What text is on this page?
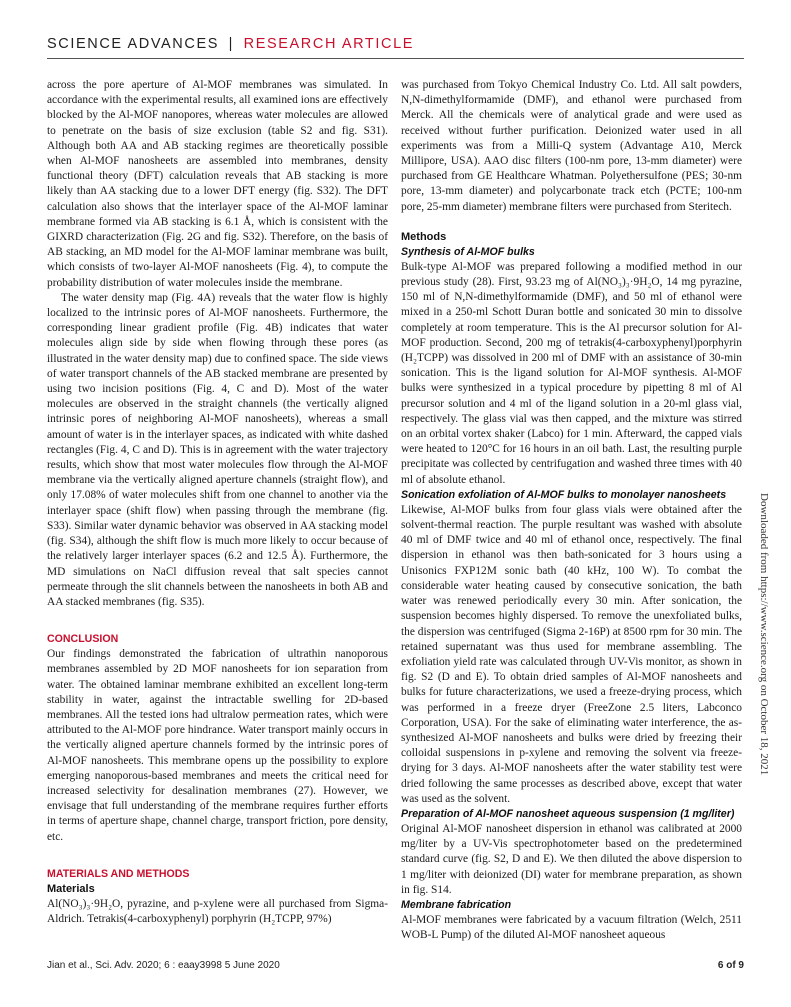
SCIENCE ADVANCES | RESEARCH ARTICLE

across the pore aperture of Al-MOF membranes was simulated. In accordance with the experimental results, all examined ions are effectively blocked by the Al-MOF nanopores, whereas water molecules are allowed to penetrate on the basis of size exclusion (table S2 and fig. S31). Although both AA and AB stacking regimes are theoretically possible when Al-MOF nanosheets are assembled into membranes, density functional theory (DFT) calculation reveals that AB stacking is more likely than AA stacking due to a lower DFT energy (fig. S32). The DFT calculation also shows that the interlayer space of the Al-MOF laminar membrane formed via AB stacking is 6.1 Å, which is consistent with the GIXRD characterization (Fig. 2G and fig. S32). Therefore, on the basis of AB stacking, an MD model for the Al-MOF laminar membrane was built, which consists of two-layer Al-MOF nanosheets (Fig. 4), to compute the probability distribution of water molecules inside the membrane.

The water density map (Fig. 4A) reveals that the water flow is highly localized to the intrinsic pores of Al-MOF nanosheets. Furthermore, the corresponding linear gradient profile (Fig. 4B) indicates that water molecules align side by side when flowing through these pores (as illustrated in the water density map) due to confined space. The side views of water transport channels of the AB stacked membrane are presented by using two incision positions (Fig. 4, C and D). Most of the water molecules are observed in the straight channels (the vertically aligned intrinsic pores of neighboring Al-MOF nanosheets), whereas a small amount of water is in the interlayer spaces, as indicated with white dashed rectangles (Fig. 4, C and D). This is in agreement with the water trajectory results, which show that most water molecules flow through the Al-MOF membrane via the vertically aligned aperture channels (straight flow), and only 17.08% of water molecules shift from one channel to another via the interlayer space (shift flow) when passing through the membrane (fig. S33). Similar water dynamic behavior was observed in AA stacking model (fig. S34), although the shift flow is much more likely to occur because of the relatively larger interlayer spaces (6.2 and 12.5 Å). Furthermore, the MD simulations on NaCl diffusion reveal that salt species cannot permeate through the slit channels between the nanosheets in both AB and AA stacked membranes (fig. S35).

CONCLUSION

Our findings demonstrated the fabrication of ultrathin nanoporous membranes assembled by 2D MOF nanosheets for ion separation from water. The obtained laminar membrane exhibited an excellent long-term stability in water, against the intractable swelling for 2D-based membranes. All the tested ions had ultralow permeation rates, which were attributed to the Al-MOF pore hindrance. Water transport mainly occurs in the vertically aligned aperture channels formed by the intrinsic pores of Al-MOF nanosheets. This membrane opens up the possibility to explore emerging nanoporous-based membranes and meets the critical need for increased selectivity for desalination membranes (27). However, we envisage that full understanding of the membrane requires further efforts in terms of aperture shape, channel charge, transport friction, pore density, etc.

MATERIALS AND METHODS
Materials

Al(NO₃)₃·9H₂O, pyrazine, and p-xylene were all purchased from Sigma-Aldrich. Tetrakis(4-carboxyphenyl) porphyrin (H₂TCPP, 97%)

was purchased from Tokyo Chemical Industry Co. Ltd. All salt powders, N,N-dimethylformamide (DMF), and ethanol were purchased from Merck. All the chemicals were of analytical grade and were used as received without further purification. Deionized water used in all experiments was from a Milli-Q system (Advantage A10, Merck Millipore, USA). AAO disc filters (100-nm pore, 13-mm diameter) were purchased from GE Healthcare Whatman. Polyethersulfone (PES; 30-nm pore, 13-mm diameter) and polycarbonate track etch (PCTE; 100-nm pore, 25-mm diameter) membrane filters were purchased from Steritech.

Methods
Synthesis of Al-MOF bulks

Bulk-type Al-MOF was prepared following a modified method in our previous study (28). First, 93.23 mg of Al(NO₃)₃·9H₂O, 14 mg pyrazine, 150 ml of N,N-dimethylformamide (DMF), and 50 ml of ethanol were mixed in a 250-ml Schott Duran bottle and sonicated 30 min to dissolve completely at room temperature. This is the Al precursor solution for Al-MOF production. Second, 200 mg of tetrakis(4-carboxyphenyl)porphyrin (H₂TCPP) was dissolved in 200 ml of DMF with an assistance of 30-min sonication. This is the ligand solution for Al-MOF synthesis. Al-MOF bulks were synthesized in a typical procedure by pipetting 8 ml of Al precursor solution and 4 ml of the ligand solution in a 20-ml glass vial, respectively. The glass vial was then capped, and the mixture was stirred on an orbital vortex shaker (Labco) for 1 min. Afterward, the capped vials were heated to 120°C for 16 hours in an oil bath. Last, the resulting purple precipitate was collected by centrifugation and washed three times with 40 ml of absolute ethanol.

Sonication exfoliation of Al-MOF bulks to monolayer nanosheets

Likewise, Al-MOF bulks from four glass vials were obtained after the solvent-thermal reaction. The purple resultant was washed with absolute 40 ml of DMF twice and 40 ml of ethanol once, respectively. The final dispersion in ethanol was then bath-sonicated for 3 hours using a Unisonics FXP12M sonic bath (40 kHz, 100 W). To combat the considerable water heating caused by consecutive sonication, the bath water was renewed periodically every 30 min. After sonication, the suspension becomes highly dispersed. To remove the unexfoliated bulks, the dispersion was centrifuged (Sigma 2-16P) at 8500 rpm for 30 min. The retained supernatant was thus used for membrane assembling. The exfoliation yield rate was calculated through UV-Vis monitor, as shown in fig. S2 (D and E). To obtain dried samples of Al-MOF nanosheets and bulks for future characterizations, we used a freeze-drying process, which was performed in a freeze dryer (FreeZone 2.5 liters, Labconco Corporation, USA). For the sake of eliminating water interference, the as-synthesized Al-MOF nanosheets and bulks were dried by freezing their colloidal suspensions in p-xylene and removing the solvent via freeze-drying for 3 days. Al-MOF nanosheets after the water stability test were dried following the same processes as described above, except that water was used as the solvent.

Preparation of Al-MOF nanosheet aqueous suspension (1 mg/liter)

Original Al-MOF nanosheet dispersion in ethanol was calibrated at 2000 mg/liter by a UV-Vis spectrophotometer based on the predetermined standard curve (fig. S2, D and E). We then diluted the above dispersion to 1 mg/liter with deionized (DI) water for membrane preparation, as shown in fig. S14.

Membrane fabrication

Al-MOF membranes were fabricated by a vacuum filtration (Welch, 2511 WOB-L Pump) of the diluted Al-MOF nanosheet aqueous

Downloaded from https://www.science.org on October 18, 2021
Jian et al., Sci. Adv. 2020; 6 : eaay3998 5 June 2020	6 of 9
